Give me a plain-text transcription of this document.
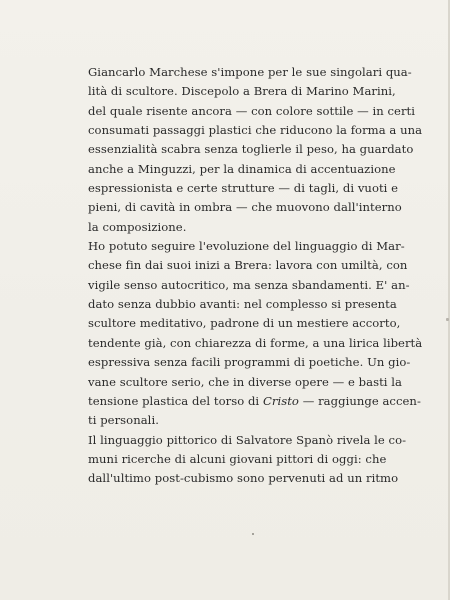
Giancarlo Marchese s'impone per le sue singolari qua-
lità di scultore. Discepolo a Brera di Marino Marini,
del quale risente ancora — con colore sottile — in certi
consumati passaggi plastici che riducono la forma a una
essenzialità scabra senza toglierle il peso, ha guardato
anche a Minguzzi, per la dinamica di accentuazione
espressionista e certe strutture — di tagli, di vuoti e
pieni, di cavità in ombra — che muovono dall'interno
la composizione.
Ho potuto seguire l'evoluzione del linguaggio di Mar-
chese fin dai suoi inizi a Brera: lavora con umiltà, con
vigile senso autocritico, ma senza sbandamenti. E' an-
dato senza dubbio avanti: nel complesso si presenta
scultore meditativo, padrone di un mestiere accorto,
tendente già, con chiarezza di forme, a una lirica libertà
espressiva senza facili programmi di poetiche. Un gio-
vane scultore serio, che in diverse opere — e basti la
tensione plastica del torso di Cristo — raggiunge accen-
ti personali.
Il linguaggio pittorico di Salvatore Spanò rivela le co-
muni ricerche di alcuni giovani pittori di oggi: che
dall'ultimo post-cubismo sono pervenuti ad un ritmo
